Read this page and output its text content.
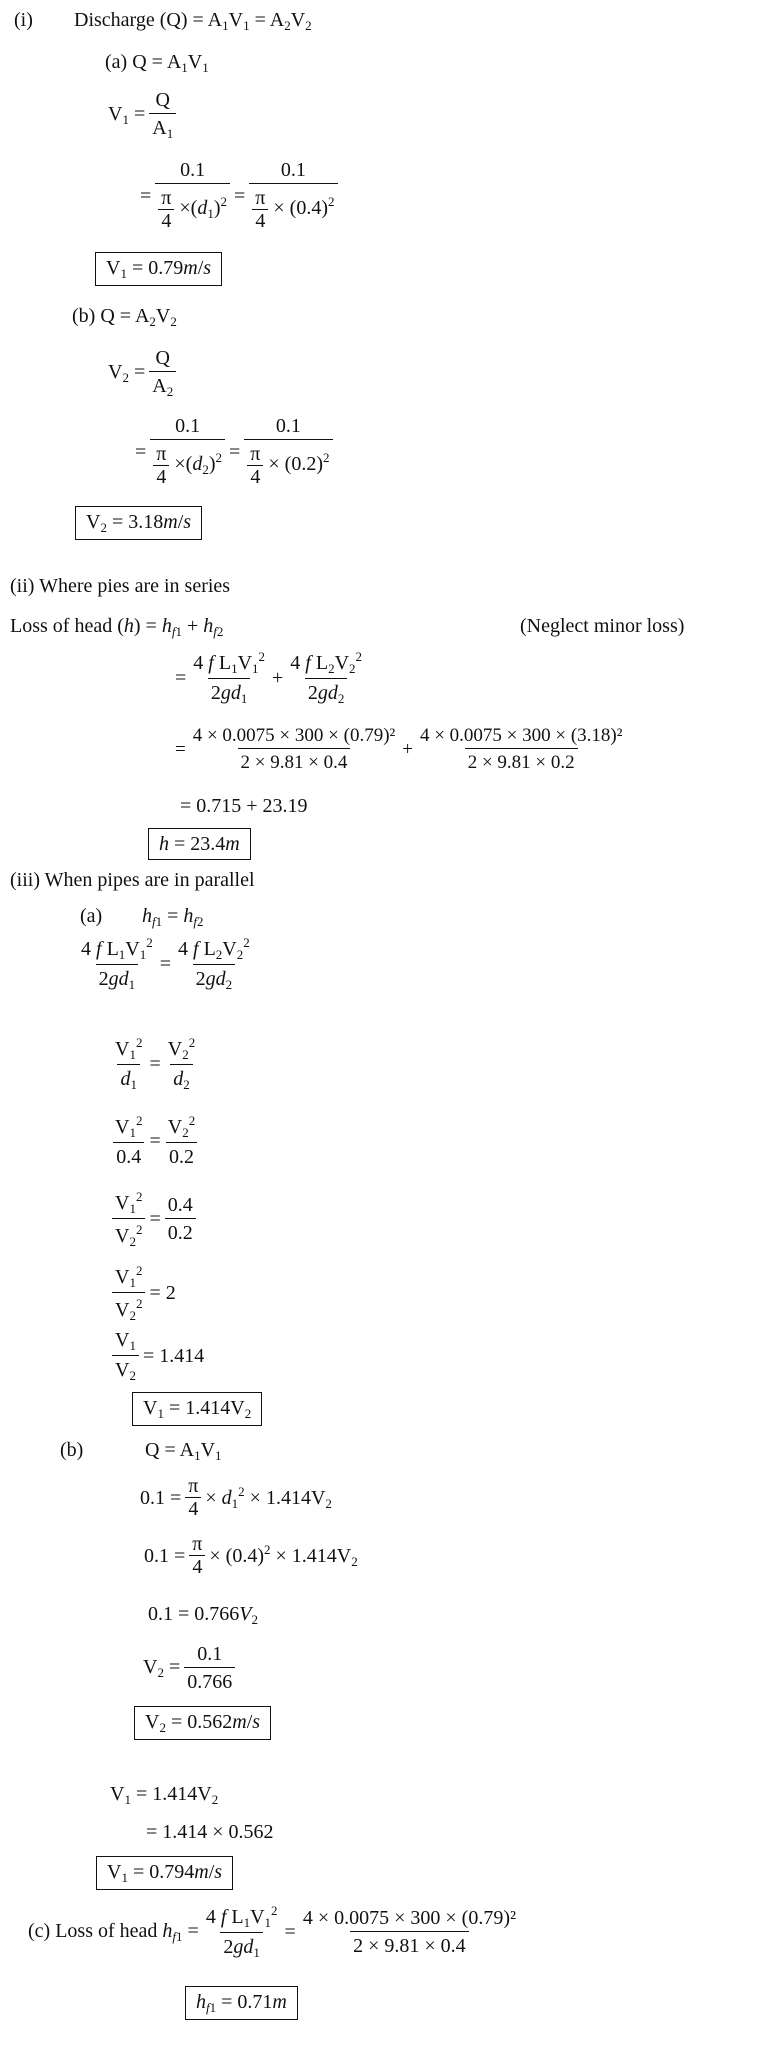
(i) Discharge $(Q) = A_1V_1 = A_2V_2$
(a) $Q = A_1V_1$
$V_1 = \frac{Q}{A_1}$
= $\frac{0.1}{\frac{\pi}{4} \times(d_1)^2} = \frac{0.1}{\frac{\pi}{4} \times (0.4)^2}$
$V_1 = 0.79m/s$
(b) $Q = A_2V_2$
$V_2 = \frac{Q}{A_2}$
= $\frac{0.1}{\frac{\pi}{4} \times(d_2)^2} = \frac{0.1}{\frac{\pi}{4} \times (0.2)^2}$
$V_2 = 3.18m/s$
(ii) Where pies are in series
Loss of head $(h) = h_{f1} + h_{f2}$	(Neglect minor loss)
= $\frac{4 f L_1V_1^2}{2gd_1} + \frac{4 f L_2V_2^2}{2gd_2}$
= $\frac{\text{4 × 0.0075 × 300 × (0.79)²}}{2 \times 9.81 \times 0.4} + \frac{\text{4 × 0.0075 × 300 × (3.18)²}}{2 \times 9.81 \times 0.2}$
= 0.715 + 23.19
h = 23.4m
(iii) When pipes are in parallel
(a) $h_{f1} = h_{f2}$
$\frac{4 f L_1V_1^2}{2gd_1} = \frac{4 f L_2V_2^2}{2gd_2}$
$\frac{V_1^2}{d_1} = \frac{V_2^2}{d_2}$
$\frac{V_1^2}{0.4} = \frac{V_2^2}{0.2}$
$\frac{V_1^2}{V_2^2} = \frac{0.4}{0.2}$
$\frac{V_1^2}{V_2^2} = 2$
$\frac{V_1}{V_2} = 1.414$
$V_1 = 1.414V_2$
(b)	$Q = A_1V_1$
$0.1 = \frac{\pi}{4} \times d_1^2 \times 1.414V_2$
$0.1 = \frac{\pi}{4} \times (0.4)^2 \times 1.414V_2$
$0.1 = 0.766V_2$
$V_2 = \frac{0.1}{0.766}$
$V_2 = 0.562m/s$
$V_1 = 1.414V_2$
= 1.414 × 0.562
$V_1 = 0.794m/s$
(c) Loss of head $h_{f1} = \frac{4 f L_1V_1^2}{2gd_1} = \frac{\text{4 × 0.0075 × 300 × (0.79)²}}{2 \times 9.81 \times 0.4}$
$h_{f1} = 0.71m$
